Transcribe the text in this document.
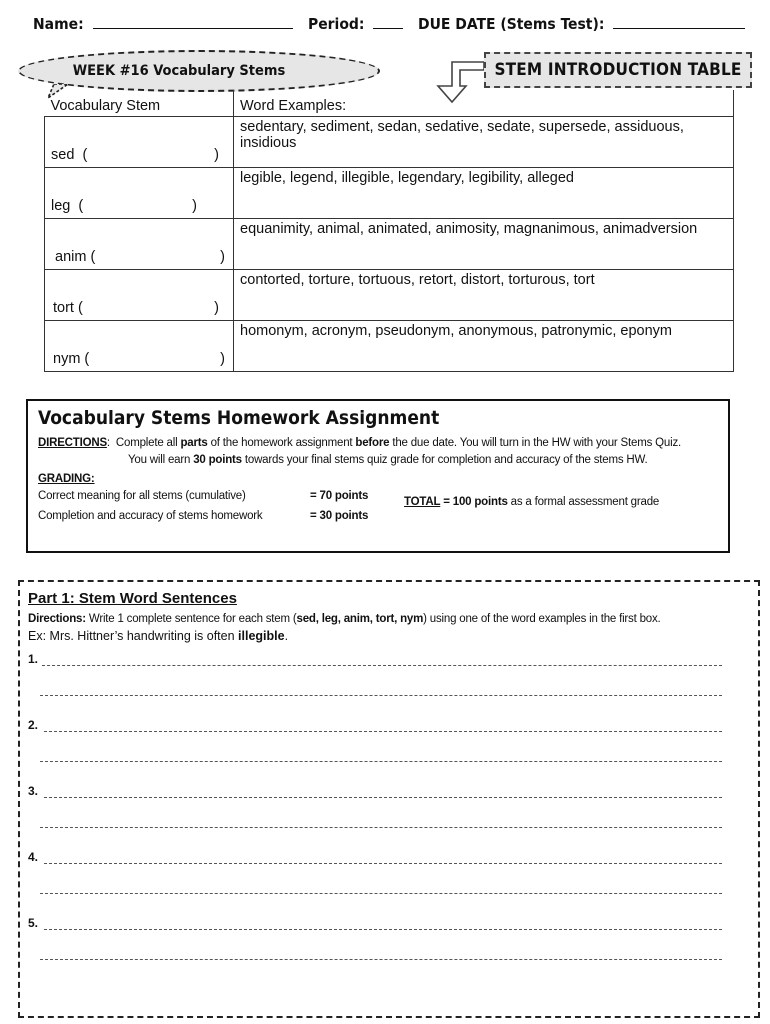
Name:	Period:	DUE DATE (Stems Test):
WEEK #16 Vocabulary Stems	STEM INTRODUCTION TABLE
Vocabulary Stem	Word Examples:

sed  ( )	sedentary, sediment, sedan, sedative, sedate, supersede, assiduous, insidious

leg  ( )	legible, legend, illegible, legendary, legibility, alleged

anim ( )	equanimity, animal, animated, animosity, magnanimous, animadversion

tort ( )	contorted, torture, tortuous, retort, distort, torturous, tort

nym ( )	homonym, acronym, pseudonym, anonymous, patronymic, eponym
Vocabulary Stems Homework Assignment
DIRECTIONS:  Complete all parts of the homework assignment before the due date. You will turn in the HW with your Stems Quiz.
You will earn 30 points towards your final stems quiz grade for completion and accuracy of the stems HW.
GRADING:
Correct meaning for all stems (cumulative)	= 70 points
Completion and accuracy of stems homework	= 30 points
TOTAL = 100 points as a formal assessment grade
Part 1: Stem Word Sentences
Directions: Write 1 complete sentence for each stem (sed, leg, anim, tort, nym) using one of the word examples in the first box.
Ex: Mrs. Hittner’s handwriting is often illegible.
1.
2.
3.
4.
5.
